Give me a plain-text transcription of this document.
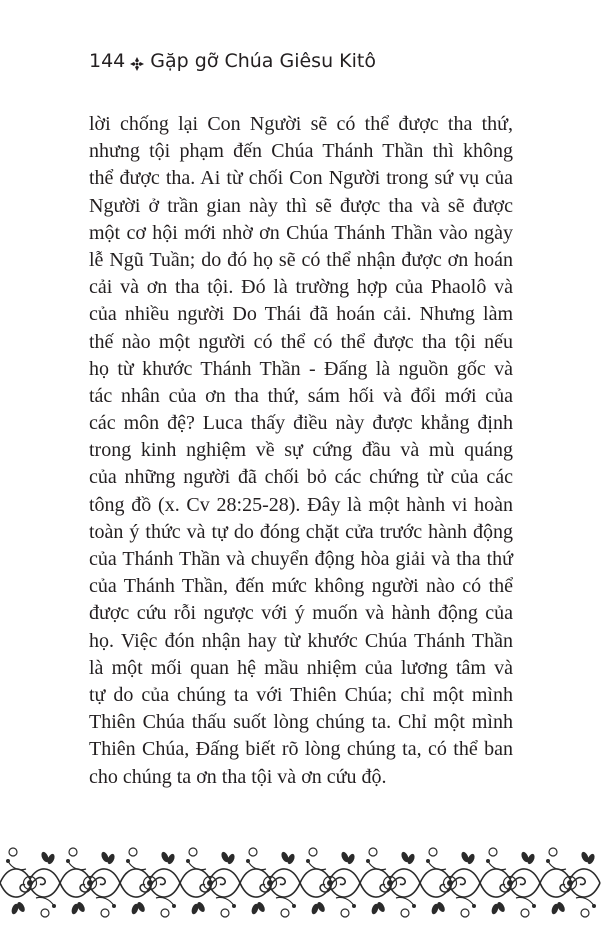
144 Gặp gỡ Chúa Giêsu Kitô
lời chống lại Con Người sẽ có thể được tha thứ,
nhưng tội phạm đến Chúa Thánh Thần thì không
thể được tha. Ai từ chối Con Người trong sứ vụ của
Người ở trần gian này thì sẽ được tha và sẽ được
một cơ hội mới nhờ ơn Chúa Thánh Thần vào ngày
lễ Ngũ Tuần; do đó họ sẽ có thể nhận được ơn hoán
cải và ơn tha tội. Đó là trường hợp của Phaolô và
của nhiều người Do Thái đã hoán cải. Nhưng làm
thế nào một người có thể có thể được tha tội nếu
họ từ khước Thánh Thần - Đấng là nguồn gốc và
tác nhân của ơn tha thứ, sám hối và đổi mới của
các môn đệ? Luca thấy điều này được khẳng định
trong kinh nghiệm về sự cứng đầu và mù quáng
của những người đã chối bỏ các chứng từ của các
tông đồ (x. Cv 28:25-28). Đây là một hành vi hoàn
toàn ý thức và tự do đóng chặt cửa trước hành động
của Thánh Thần và chuyển động hòa giải và tha thứ
của Thánh Thần, đến mức không người nào có thể
được cứu rỗi ngược với ý muốn và hành động của
họ. Việc đón nhận hay từ khước Chúa Thánh Thần
là một mối quan hệ mầu nhiệm của lương tâm và
tự do của chúng ta với Thiên Chúa; chỉ một mình
Thiên Chúa thấu suốt lòng chúng ta. Chỉ một mình
Thiên Chúa, Đấng biết rõ lòng chúng ta, có thể ban
cho chúng ta ơn tha tội và ơn cứu độ.
